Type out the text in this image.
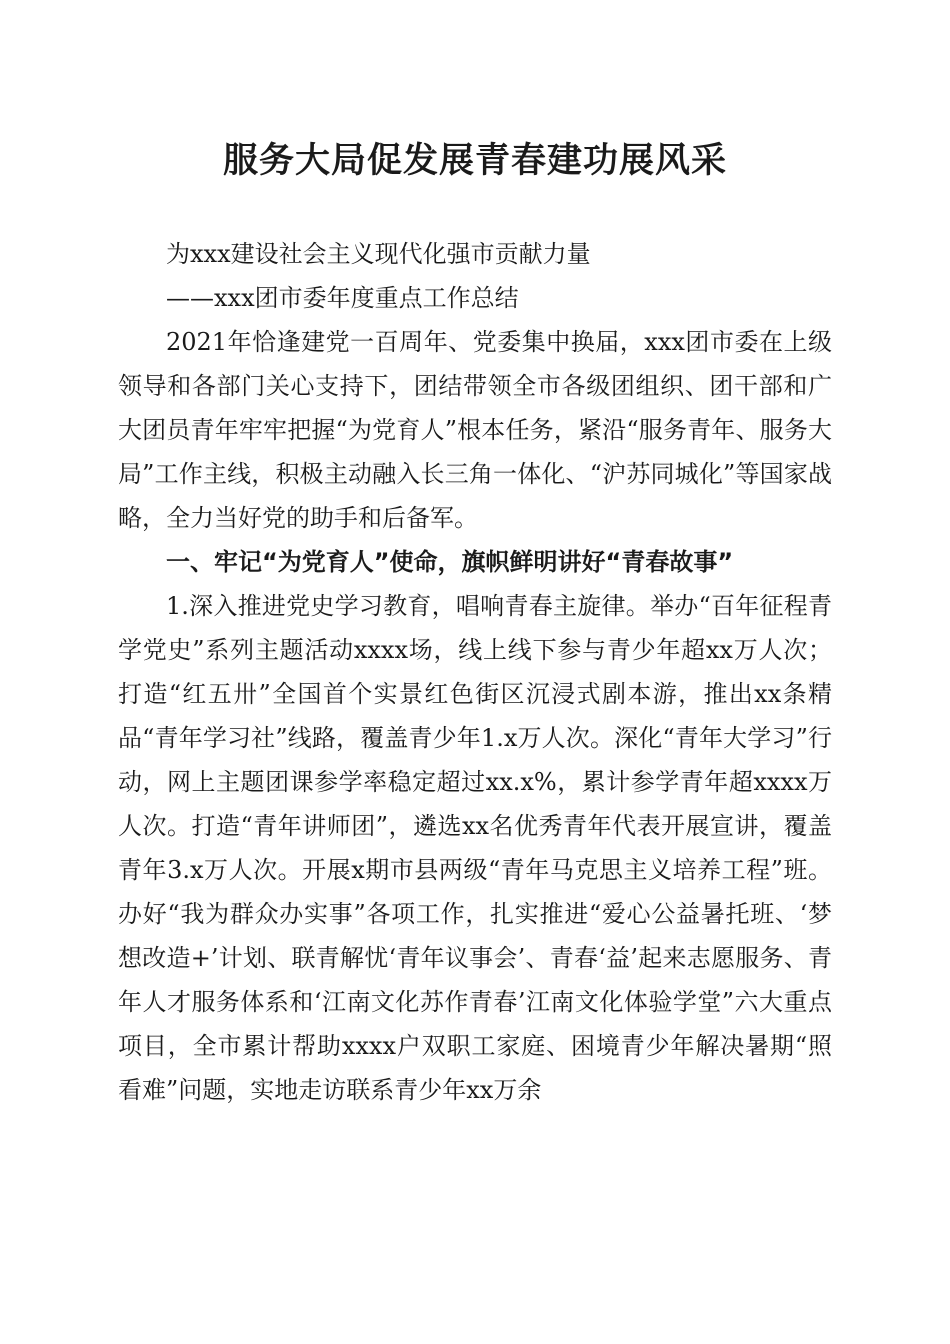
服务大局促发展青春建功展风采

为xxx建设社会主义现代化强市贡献力量

——xxx团市委年度重点工作总结

2021年恰逢建党一百周年、党委集中换届，xxx团市委在上级领导和各部门关心支持下，团结带领全市各级团组织、团干部和广大团员青年牢牢把握“为党育人”根本任务，紧沿“服务青年、服务大局”工作主线，积极主动融入长三角一体化、“沪苏同城化”等国家战略，全力当好党的助手和后备军。

一、牢记“为党育人”使命，旗帜鲜明讲好“青春故事”

1.深入推进党史学习教育，唱响青春主旋律。举办“百年征程青学党史”系列主题活动xxxx场，线上线下参与青少年超xx万人次；打造“红五卅”全国首个实景红色街区沉浸式剧本游，推出xx条精品“青年学习社”线路，覆盖青少年1.x万人次。深化“青年大学习”行动，网上主题团课参学率稳定超过xx.x%，累计参学青年超xxxx万人次。打造“青年讲师团”，遴选xx名优秀青年代表开展宣讲，覆盖青年3.x万人次。开展x期市县两级“青年马克思主义培养工程”班。办好“我为群众办实事”各项工作，扎实推进“爱心公益暑托班、‘梦想改造+’计划、联青解忧‘青年议事会’、青春‘益’起来志愿服务、青年人才服务体系和‘江南文化苏作青春’江南文化体验学堂”六大重点项目，全市累计帮助xxxx户双职工家庭、困境青少年解决暑期“照看难”问题，实地走访联系青少年xx万余
